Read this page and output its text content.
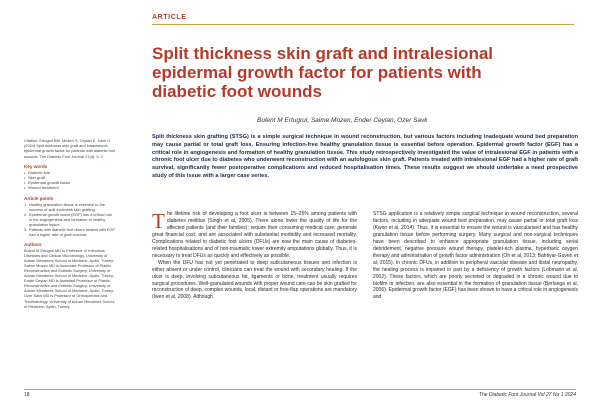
ARTICLE
Split thickness skin graft and intralesional epidermal growth factor for patients with diabetic foot wounds
Bulent M Ertugrul, Saime Mozen, Ender Ceylan, Ozer Savk

Citation: Ertugrul BM, Mozen S, Ceylan E, Savk O (2024) Split thickness skin graft and intralesional epidermal growth factor for patients with diabetic foot wounds. The Diabetic Foot Journal 27(4): 5–9

Key words
• Diabetic foot
• Skin graft
• Epidermal growth factor
• Wound treatment
Article points
1. Healthy granulation tissue is essential to the success of split thickness skin grafting.
2. Epidermal growth factor (EGF) has a critical role in the angiogenesis and formation of healthy granulation tissue.
3. Patients with diabetic foot ulcers treated with EGF had a higher rate of graft survival.
Authors

Bulent M Ertugrul MD is Professor of Infectious Diseases and Clinical Microbiology, University of Adnan Menderes School of Medicine, Aydin, Turkey; Saime Mozen MD is Associate Professor of Plastic, Reconstructive and Esthetic Surgery, University of Adnan Menderes School of Medicine, Aydin, Turkey; Ender Ceylan MD is Assistant Professor of Plastic, Reconstructive and Esthetic Surgery, University of Adnan Menderes School of Medicine, Aydin, Turkey; Ozer Savk MD is Professor of Orthopaedics and Traumatology, University of Adnan Menderes School of Medicine, Aydin, Turkey.

Split thickness skin grafting (STSG) is a simple surgical technique in wound reconstruction, but various factors including inadequate wound bed preparation may cause partial or total graft loss. Ensuring infection-free healthy granulation tissue is essential before operation. Epidermal growth factor (EGF) has a critical role in angiogenesis and formation of healthy granulation tissue. This study retrospectively investigated the value of intralesional EGF in patients with a chronic foot ulcer due to diabetes who underwent reconstruction with an autologous skin graft. Patients treated with intralesional EGF had a higher rate of graft survival, significantly fewer postoperative complications and reduced hospitalisation times. These results suggest we should undertake a need prospective study of this issue with a larger case series.

The lifetime risk of developing a foot ulcer is between 15–25% among patients with diabetes mellitus (Singh et al, 2005). There alone lower the quality of life for the affected patients (and their families); require their consuming medical care; generate great financial cost; and are associated with substantial morbidity and increased mortality. Complications related to diabetic foot ulcers (DFUs) are now the main cause of diabetes-related hospitalisations and of non-traumatic lower extremity amputations globally. Thus, it is necessary to treat DFUs as quickly and effectively as possible.

When the DFU has not yet penetrated to deep subcutaneous tissues and infection is either absent or under control, clinicians can treat the wound with secondary healing. If the ulcer is deep, involving subcutaneous fat, ligaments or bone, treatment usually requires surgical procedures. Well-granulated wounds with proper wound care can be skin grafted for reconstruction of deep, complex wounds, local, distant or free-flap operations are mandatory (Iwen et al, 2008). Although

STSG application is a relatively simple surgical technique in wound reconstruction, several factors, including in adequate wound bed preparation, may cause partial or total graft loss (Kwon et al, 2014). Thus, it is essential to ensure the wound is vascularised and has healthy granulation tissue before performing surgery. Many surgical and non-surgical techniques have been described to enhance appropriate granulation tissue, including serial debridement, negative pressure wound therapy, platelet-rich plasma, hyperbaric oxygen therapy and administration of growth factor administration (Oh et al, 2013; Bahtiyar-Guven et al, 2015). In chronic DFUs, in addition to peripheral vascular disease and distal neuropathy, the healing process is impaired in part by a deficiency of growth factors (Lobmann et al, 2002). These factors, which are poorly secreted or degraded in a chronic wound due to biofilm or infection, are also essential in the formation of granulation tissue (Berlanga et al, 2006). Epidermal growth factor (EGF) has been shown to have a critical role in angiogenesis and

18	The Diabetic Foot Journal Vol 27 No 1 2024
